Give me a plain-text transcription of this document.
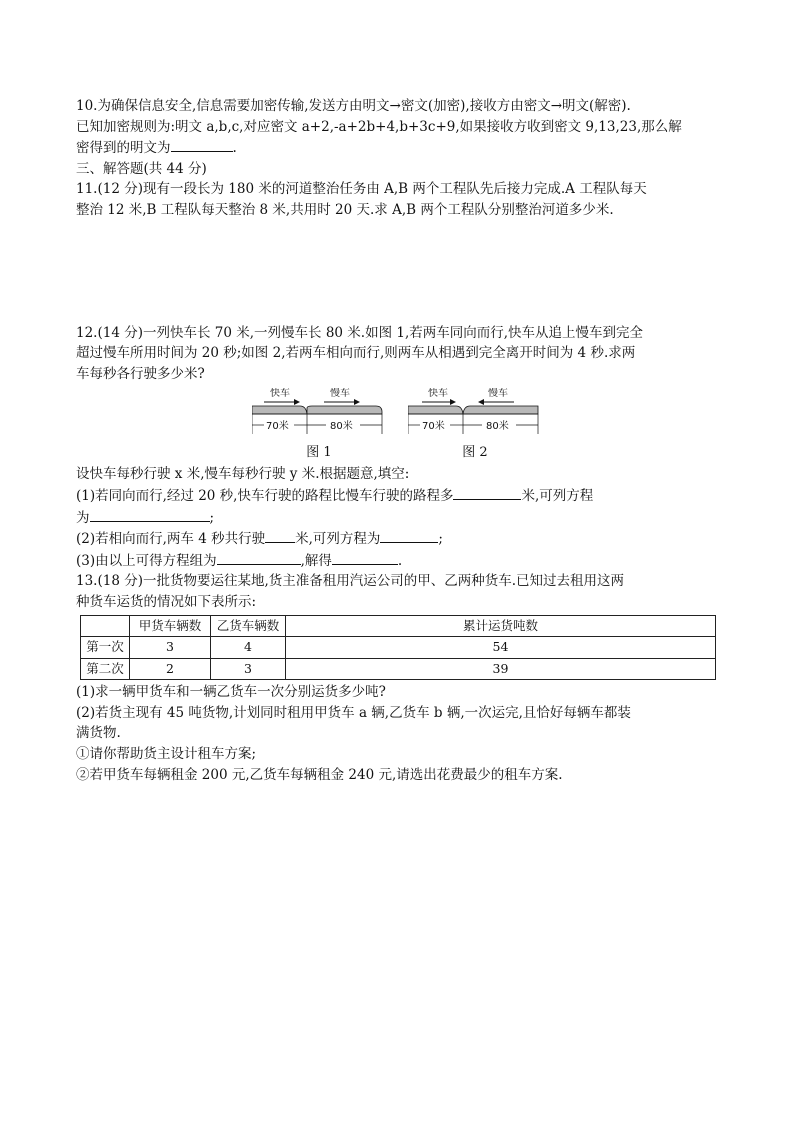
10.为确保信息安全,信息需要加密传输,发送方由明文→密文(加密),接收方由密文→明文(解密).

已知加密规则为:明文 a,b,c,对应密文 a+2,-a+2b+4,b+3c+9,如果接收方收到密文 9,13,23,那么解

密得到的明文为	.

三、解答题(共 44 分)

11.(12 分)现有一段长为 180 米的河道整治任务由 A,B 两个工程队先后接力完成.A 工程队每天

整治 12 米,B 工程队每天整治 8 米,共用时 20 天.求 A,B 两个工程队分别整治河道多少米.

12.(14 分)一列快车长 70 米,一列慢车长 80 米.如图 1,若两车同向而行,快车从追上慢车到完全

超过慢车所用时间为 20 秒;如图 2,若两车相向而行,则两车从相遇到完全离开时间为 4 秒.求两

车每秒各行驶多少米?

快车	慢车
70米	80米
图 1
快车	慢车
70米	80米
图 2

设快车每秒行驶 x 米,慢车每秒行驶 y 米.根据题意,填空:

(1)若同向而行,经过 20 秒,快车行驶的路程比慢车行驶的路程多	米,可列方程

为	;

(2)若相向而行,两车 4 秒共行驶 米,可列方程为	;

(3)由以上可得方程组为	,解得	.

13.(18 分)一批货物要运往某地,货主准备租用汽运公司的甲、乙两种货车.已知过去租用这两

种货车运货的情况如下表所示:

	甲货车辆数	乙货车辆数	累计运货吨数
第一次	3	4	54
第二次	2	3	39

(1)求一辆甲货车和一辆乙货车一次分别运货多少吨?

(2)若货主现有 45 吨货物,计划同时租用甲货车 a 辆,乙货车 b 辆,一次运完,且恰好每辆车都装

满货物.

①请你帮助货主设计租车方案;

②若甲货车每辆租金 200 元,乙货车每辆租金 240 元,请选出花费最少的租车方案.
